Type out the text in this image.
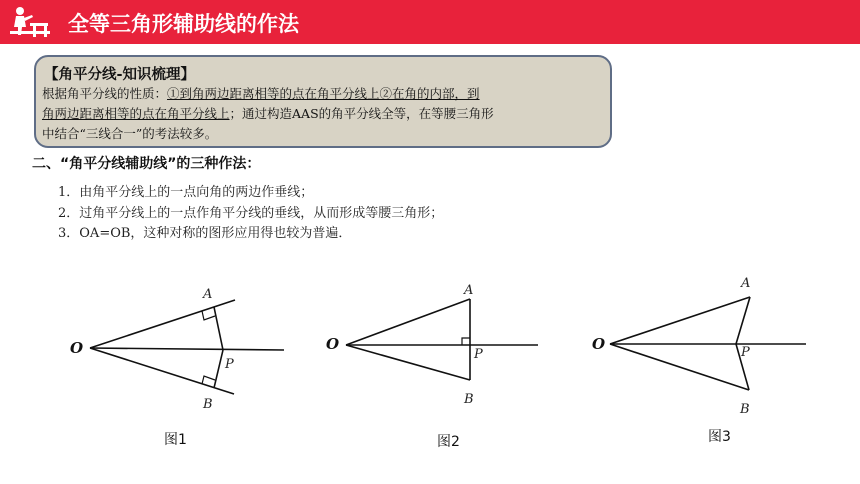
全等三角形辅助线的作法
【角平分线-知识梳理】
根据角平分线的性质：①到角两边距离相等的点在角平分线上②在角的内部，到
角两边距离相等的点在角平分线上；通过构造AAS的角平分线全等，在等腰三角形
中结合“三线合一”的考法较多。
二、“角平分线辅助线”的三种作法：
1．由角平分线上的一点向角的两边作垂线；
2．过角平分线上的一点作角平分线的垂线，从而形成等腰三角形；
3．OA=OB，这种对称的图形应用得也较为普遍．
O
A
P
B
O
A
P
B
O
A
P
B
图1	图2	图3
